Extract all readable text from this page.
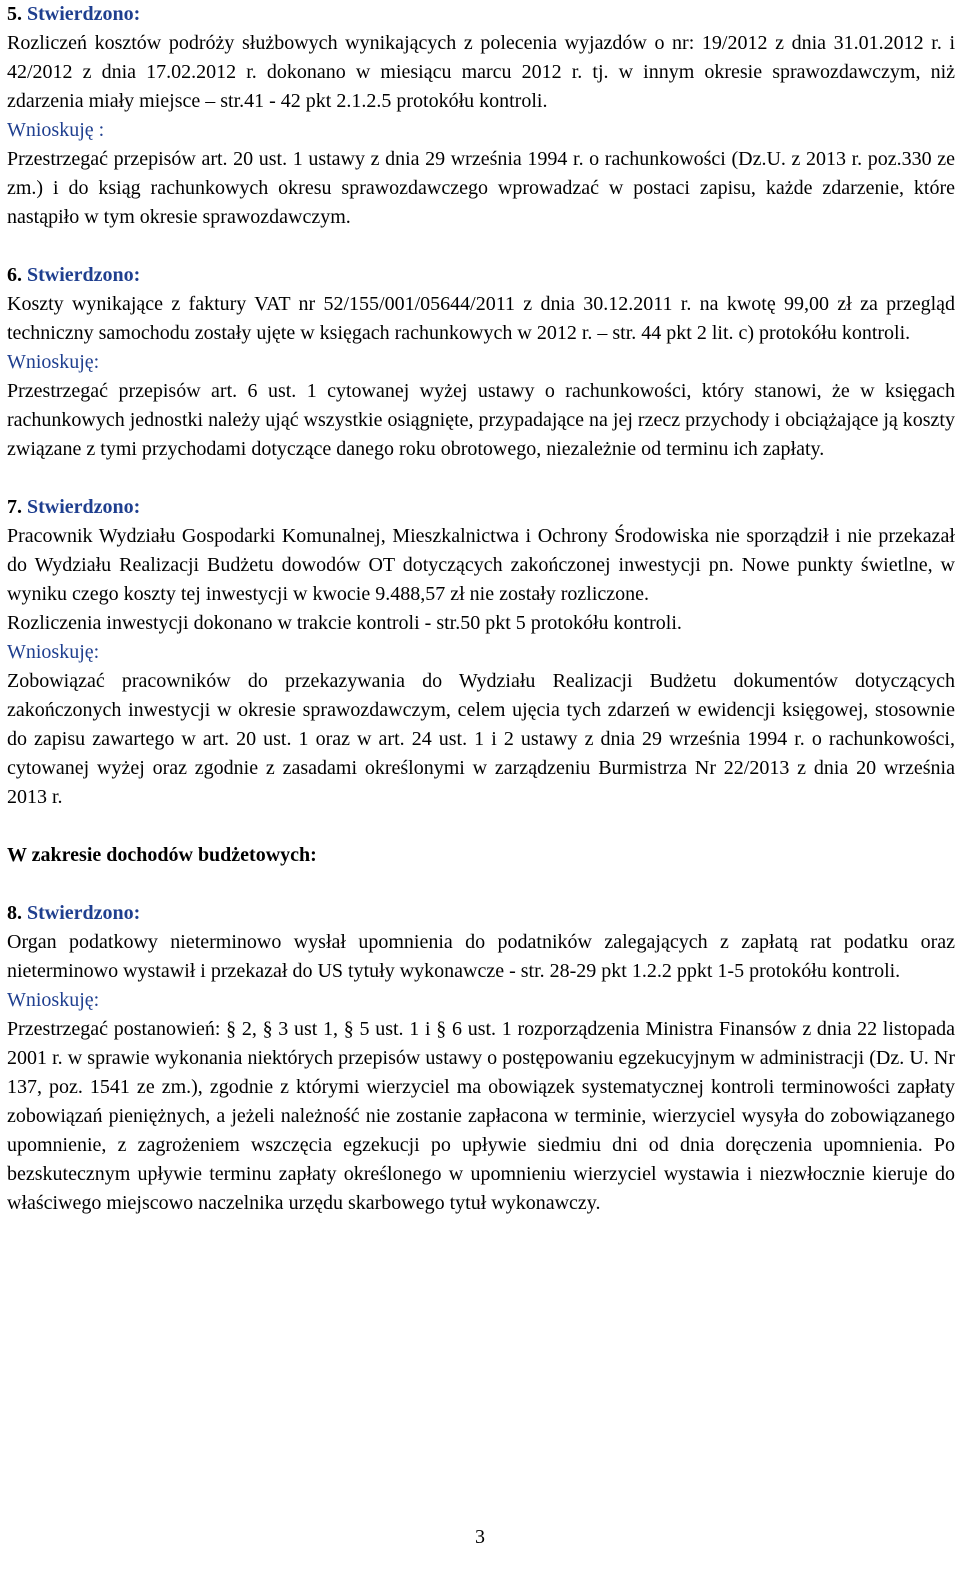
5. Stwierdzono:

Rozliczeń kosztów podróży służbowych wynikających z polecenia wyjazdów o nr: 19/2012 z dnia 31.01.2012 r. i 42/2012 z dnia 17.02.2012 r. dokonano w miesiącu marcu 2012 r. tj. w innym okresie sprawozdawczym, niż zdarzenia miały miejsce – str.41 - 42 pkt 2.1.2.5 protokółu kontroli.

Wnioskuję :

Przestrzegać przepisów art. 20 ust. 1 ustawy z dnia 29 września 1994 r. o rachunkowości (Dz.U. z 2013 r. poz.330 ze zm.) i do ksiąg rachunkowych okresu sprawozdawczego wprowadzać w postaci zapisu, każde zdarzenie, które nastąpiło w tym okresie sprawozdawczym.

6. Stwierdzono:

Koszty wynikające z faktury VAT nr 52/155/001/05644/2011 z dnia 30.12.2011 r. na kwotę 99,00 zł za przegląd techniczny samochodu zostały ujęte w księgach rachunkowych w 2012 r. – str. 44 pkt 2 lit. c) protokółu kontroli.

Wnioskuję:

Przestrzegać przepisów art. 6 ust. 1 cytowanej wyżej ustawy o rachunkowości, który stanowi, że w księgach rachunkowych jednostki należy ująć wszystkie osiągnięte, przypadające na jej rzecz przychody i obciążające ją koszty związane z tymi przychodami dotyczące danego roku obrotowego, niezależnie od terminu ich zapłaty.

7. Stwierdzono:

Pracownik Wydziału Gospodarki Komunalnej, Mieszkalnictwa i Ochrony Środowiska nie sporządził i nie przekazał do Wydziału Realizacji Budżetu dowodów OT dotyczących zakończonej inwestycji pn. Nowe punkty świetlne, w wyniku czego koszty tej inwestycji w kwocie 9.488,57 zł nie zostały rozliczone.

Rozliczenia inwestycji dokonano w trakcie kontroli - str.50 pkt 5 protokółu kontroli.

Wnioskuję:

Zobowiązać pracowników do przekazywania do Wydziału Realizacji Budżetu dokumentów dotyczących zakończonych inwestycji w okresie sprawozdawczym, celem ujęcia tych zdarzeń w ewidencji księgowej, stosownie do zapisu zawartego w art. 20 ust. 1 oraz w art. 24 ust. 1 i 2 ustawy z dnia 29 września 1994 r. o rachunkowości, cytowanej wyżej oraz zgodnie z zasadami określonymi w zarządzeniu Burmistrza Nr 22/2013 z dnia 20 września 2013 r.

W zakresie dochodów budżetowych:

8. Stwierdzono:

Organ podatkowy nieterminowo wysłał upomnienia do podatników zalegających z zapłatą rat podatku oraz nieterminowo wystawił i przekazał do US tytuły wykonawcze - str. 28-29 pkt 1.2.2 ppkt 1-5 protokółu kontroli.

Wnioskuję:

Przestrzegać postanowień: § 2, § 3 ust 1, § 5 ust. 1 i § 6 ust. 1 rozporządzenia Ministra Finansów z dnia 22 listopada 2001 r. w sprawie wykonania niektórych przepisów ustawy o postępowaniu egzekucyjnym w administracji (Dz. U. Nr 137, poz. 1541 ze zm.), zgodnie z którymi wierzyciel ma obowiązek systematycznej kontroli terminowości zapłaty zobowiązań pieniężnych, a jeżeli należność nie zostanie zapłacona w terminie, wierzyciel wysyła do zobowiązanego upomnienie, z zagrożeniem wszczęcia egzekucji po upływie siedmiu dni od dnia doręczenia upomnienia. Po bezskutecznym upływie terminu zapłaty określonego w upomnieniu wierzyciel wystawia i niezwłocznie kieruje do właściwego miejscowo naczelnika urzędu skarbowego tytuł wykonawczy.

3
